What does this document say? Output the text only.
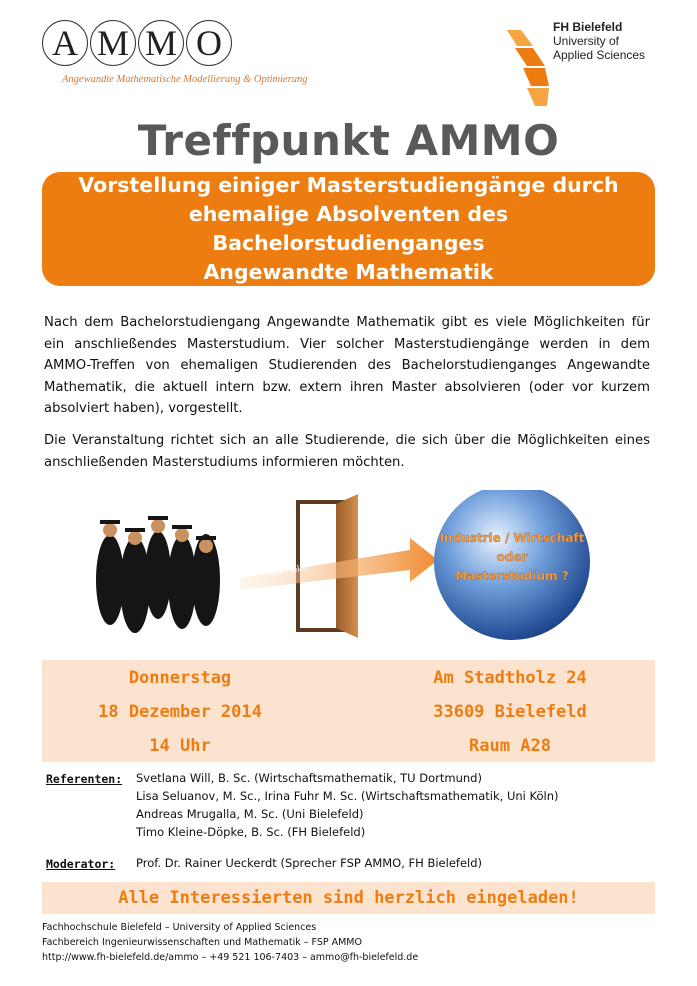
A M M O
Angewandte Mathematische Modellierung & Optimierung
FH Bielefeld
University of
Applied Sciences
Treffpunkt AMMO
Vorstellung einiger Masterstudiengänge durch
ehemalige Absolventen des Bachelorstudienganges
Angewandte Mathematik
Nach dem Bachelorstudiengang Angewandte Mathematik gibt es viele Möglichkeiten für ein anschließendes Masterstudium. Vier solcher Masterstudiengänge werden in dem AMMO-Treffen von ehemaligen Studierenden des Bachelorstudienganges Angewandte Mathematik, die aktuell intern bzw. extern ihren Master absolvieren (oder vor kurzem absolviert haben), vorgestellt.
Die Veranstaltung richtet sich an alle Studierende, die sich über die Möglichkeiten eines anschließenden Masterstudiums informieren möchten.
Bachelor
Industrie / Wirtschaft
oder
Masterstudium ?
Donnerstag
18 Dezember 2014
14 Uhr
Am Stadtholz 24
33609 Bielefeld
Raum A28
Referenten: Svetlana Will, B. Sc. (Wirtschaftsmathematik, TU Dortmund)
Lisa Seluanov, M. Sc., Irina Fuhr M. Sc. (Wirtschaftsmathematik, Uni Köln)
Andreas Mrugalla, M. Sc. (Uni Bielefeld)
Timo Kleine-Döpke, B. Sc. (FH Bielefeld)
Moderator: Prof. Dr. Rainer Ueckerdt (Sprecher FSP AMMO, FH Bielefeld)
Alle Interessierten sind herzlich eingeladen!
Fachhochschule Bielefeld – University of Applied Sciences
Fachbereich Ingenieurwissenschaften und Mathematik – FSP AMMO
http://www.fh-bielefeld.de/ammo – +49 521 106-7403 – ammo@fh-bielefeld.de
